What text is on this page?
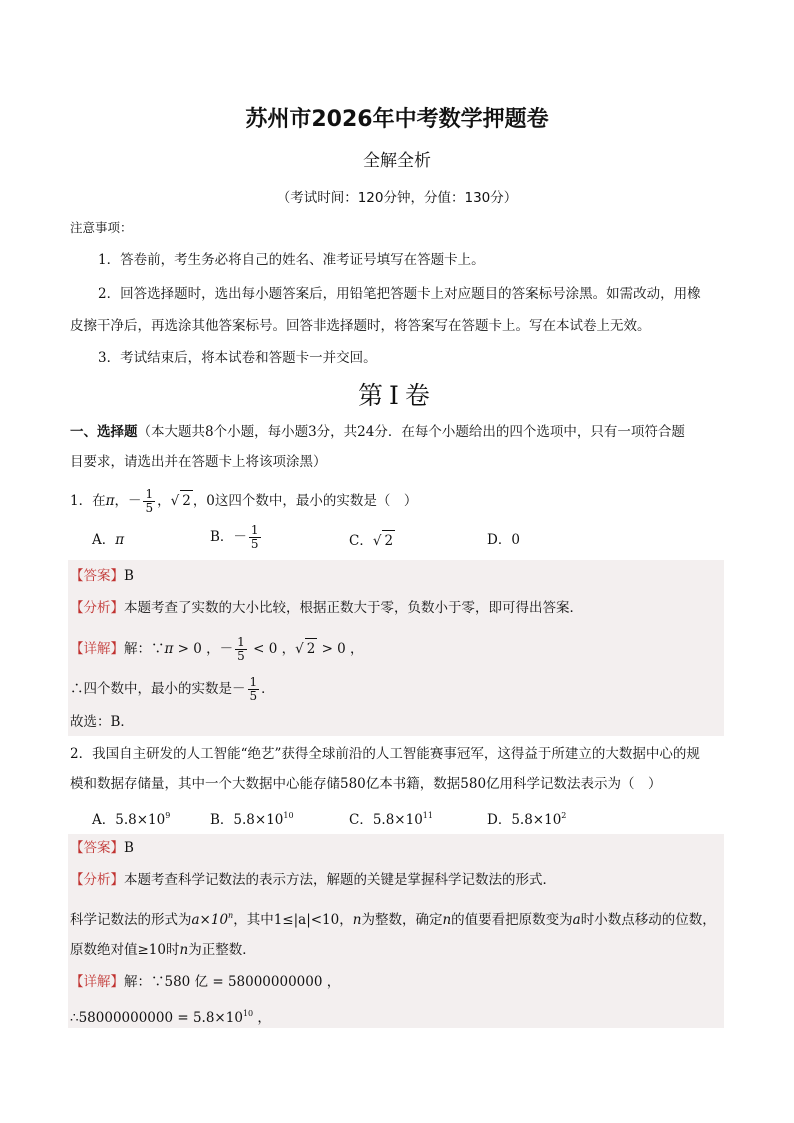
苏州市2026年中考数学押题卷
全解全析
（考试时间：120分钟，分值：130分）
注意事项：
1．答卷前，考生务必将自己的姓名、准考证号填写在答题卡上。
2．回答选择题时，选出每小题答案后，用铅笔把答题卡上对应题目的答案标号涂黑。如需改动，用橡
皮擦干净后，再选涂其他答案标号。回答非选择题时，将答案写在答题卡上。写在本试卷上无效。
3．考试结束后，将本试卷和答题卡一并交回。
第Ⅰ卷
一、选择题（本大题共8个小题，每小题3分，共24分．在每个小题给出的四个选项中，只有一项符合题
目要求，请选出并在答题卡上将该项涂黑）
1．在π，－ $\frac{1}{5}$ ，√ 2 ，0这四个数中，最小的实数是（　）
A．π	B．－ $\frac{1}{5}$	C．√ 2	D．0
【答案】B
【分析】本题考查了实数的大小比较，根据正数大于零，负数小于零，即可得出答案．
【详解】解：∵π > 0 ，－ $\frac{1}{5} < 0$ ，√ 2 > 0 ，
∴四个数中，最小的实数是－ $\frac{1}{5}$ ．
故选：B．
2．我国自主研发的人工智能“绝艺”获得全球前沿的人工智能赛事冠军，这得益于所建立的大数据中心的规
模和数据存储量，其中一个大数据中心能存储580亿本书籍，数据580亿用科学记数法表示为（　）
A．$5.8\times 10^9$	B．$5.8\times 10^{10}$	C．$5.8\times 10^{11}$	D．$5.8\times 10^2$
【答案】B
【分析】本题考查科学记数法的表示方法，解题的关键是掌握科学记数法的形式．
科学记数法的形式为$a\times 10^n$，其中1≤|a|<10，n为整数，确定n的值要看把原数变为a时小数点移动的位数，
原数绝对值≥10时n为正整数．
【详解】解：∵580 亿 = 58000000000 ，
∴58000000000 = $5.8\times 10^{10}$ ，
